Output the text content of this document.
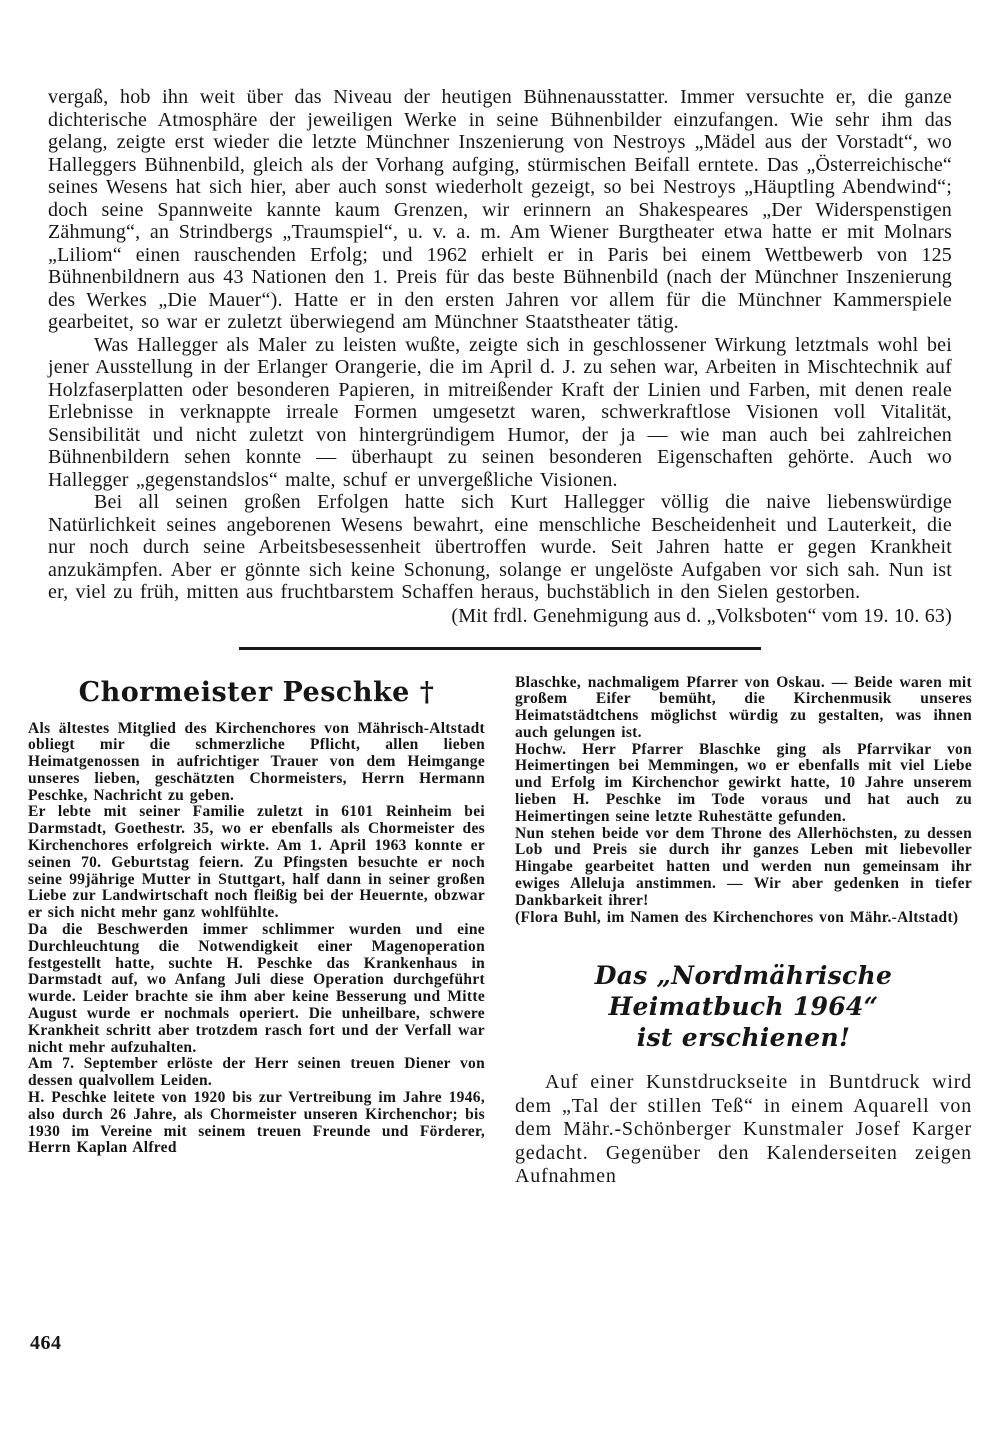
vergaß, hob ihn weit über das Niveau der heutigen Bühnenausstatter. Immer versuchte er, die ganze dichterische Atmosphäre der jeweiligen Werke in seine Bühnenbilder einzufangen. Wie sehr ihm das gelang, zeigte erst wieder die letzte Münchner Inszenierung von Nestroys „Mädel aus der Vorstadt“, wo Halleggers Bühnenbild, gleich als der Vorhang aufging, stürmischen Beifall erntete. Das „Österreichische“ seines Wesens hat sich hier, aber auch sonst wiederholt gezeigt, so bei Nestroys „Häuptling Abendwind“; doch seine Spannweite kannte kaum Grenzen, wir erinnern an Shakespeares „Der Widerspenstigen Zähmung“, an Strindbergs „Traumspiel“, u. v. a. m. Am Wiener Burgtheater etwa hatte er mit Molnars „Liliom“ einen rauschenden Erfolg; und 1962 erhielt er in Paris bei einem Wettbewerb von 125 Bühnenbildnern aus 43 Nationen den 1. Preis für das beste Bühnenbild (nach der Münchner Inszenierung des Werkes „Die Mauer“). Hatte er in den ersten Jahren vor allem für die Münchner Kammerspiele gearbeitet, so war er zuletzt überwiegend am Münchner Staatstheater tätig.

Was Hallegger als Maler zu leisten wußte, zeigte sich in geschlossener Wirkung letztmals wohl bei jener Ausstellung in der Erlanger Orangerie, die im April d. J. zu sehen war, Arbeiten in Mischtechnik auf Holzfaserplatten oder besonderen Papieren, in mitreißender Kraft der Linien und Farben, mit denen reale Erlebnisse in verknappte irreale Formen umgesetzt waren, schwerkraftlose Visionen voll Vitalität, Sensibilität und nicht zuletzt von hintergründigem Humor, der ja — wie man auch bei zahlreichen Bühnenbildern sehen konnte — überhaupt zu seinen besonderen Eigenschaften gehörte. Auch wo Hallegger „gegenstandslos“ malte, schuf er unvergeßliche Visionen.

Bei all seinen großen Erfolgen hatte sich Kurt Hallegger völlig die naive liebenswürdige Natürlichkeit seines angeborenen Wesens bewahrt, eine menschliche Bescheidenheit und Lauterkeit, die nur noch durch seine Arbeitsbesessenheit übertroffen wurde. Seit Jahren hatte er gegen Krankheit anzukämpfen. Aber er gönnte sich keine Schonung, solange er ungelöste Aufgaben vor sich sah. Nun ist er, viel zu früh, mitten aus fruchtbarstem Schaffen heraus, buchstäblich in den Sielen gestorben.

(Mit frdl. Genehmigung aus d. „Volksboten“ vom 19. 10. 63)

Chormeister Peschke †

Als ältestes Mitglied des Kirchenchores von Mährisch-Altstadt obliegt mir die schmerzliche Pflicht, allen lieben Heimatgenossen in aufrichtiger Trauer von dem Heimgange unseres lieben, geschätzten Chormeisters, Herrn Hermann Peschke, Nachricht zu geben.

Er lebte mit seiner Familie zuletzt in 6101 Reinheim bei Darmstadt, Goethestr. 35, wo er ebenfalls als Chormeister des Kirchenchores erfolgreich wirkte. Am 1. April 1963 konnte er seinen 70. Geburtstag feiern. Zu Pfingsten besuchte er noch seine 99jährige Mutter in Stuttgart, half dann in seiner großen Liebe zur Landwirtschaft noch fleißig bei der Heuernte, obzwar er sich nicht mehr ganz wohlfühlte.

Da die Beschwerden immer schlimmer wurden und eine Durchleuchtung die Notwendigkeit einer Magenoperation festgestellt hatte, suchte H. Peschke das Krankenhaus in Darmstadt auf, wo Anfang Juli diese Operation durchgeführt wurde. Leider brachte sie ihm aber keine Besserung und Mitte August wurde er nochmals operiert. Die unheilbare, schwere Krankheit schritt aber trotzdem rasch fort und der Verfall war nicht mehr aufzuhalten.

Am 7. September erlöste der Herr seinen treuen Diener von dessen qualvollem Leiden.

H. Peschke leitete von 1920 bis zur Vertreibung im Jahre 1946, also durch 26 Jahre, als Chormeister unseren Kirchenchor; bis 1930 im Vereine mit seinem treuen Freunde und Förderer, Herrn Kaplan Alfred

Blaschke, nachmaligem Pfarrer von Oskau. — Beide waren mit großem Eifer bemüht, die Kirchenmusik unseres Heimatstädtchens möglichst würdig zu gestalten, was ihnen auch gelungen ist.

Hochw. Herr Pfarrer Blaschke ging als Pfarrvikar von Heimertingen bei Memmingen, wo er ebenfalls mit viel Liebe und Erfolg im Kirchenchor gewirkt hatte, 10 Jahre unserem lieben H. Peschke im Tode voraus und hat auch zu Heimertingen seine letzte Ruhestätte gefunden.

Nun stehen beide vor dem Throne des Allerhöchsten, zu dessen Lob und Preis sie durch ihr ganzes Leben mit liebevoller Hingabe gearbeitet hatten und werden nun gemeinsam ihr ewiges Alleluja anstimmen. — Wir aber gedenken in tiefer Dankbarkeit ihrer!

(Flora Buhl, im Namen des Kirchenchores von Mähr.-Altstadt)

Das „Nordmährische Heimatbuch 1964“
ist erschienen!

Auf einer Kunstdruckseite in Buntdruck wird dem „Tal der stillen Teß“ in einem Aquarell von dem Mähr.-Schönberger Kunstmaler Josef Karger gedacht. Gegenüber den Kalenderseiten zeigen Aufnahmen

464
